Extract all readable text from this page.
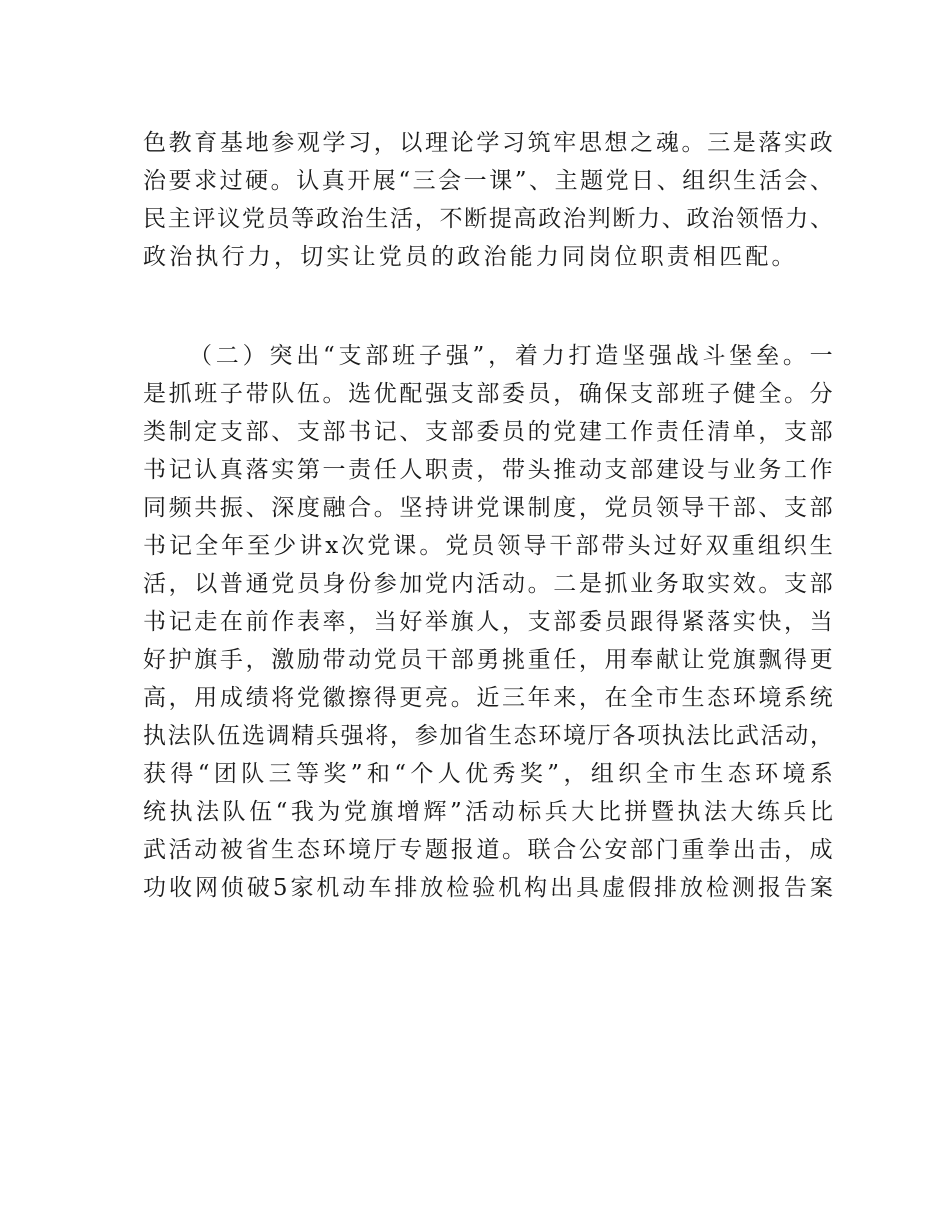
色 教 育 基 地 参 观 学 习 ， 以 理 论 学 习 筑 牢 思 想 之 魂 。 三 是 落 实 政
治 要 求 过 硬 。 认 真 开 展 “ 三 会 一 课 ” 、 主 题 党 日 、 组 织 生 活 会 、
民 主 评 议 党 员 等 政 治 生 活 ， 不 断 提 高 政 治 判 断 力 、 政 治 领 悟 力 、
政 治 执 行 力 ， 切 实 让 党 员 的 政 治 能 力 同 岗 位 职 责 相 匹 配 。
（ 二 ） 突 出 “ 支 部 班 子 强 ” ， 着 力 打 造 坚 强 战 斗 堡 垒 。 一
是 抓 班 子 带 队 伍 。 选 优 配 强 支 部 委 员 ， 确 保 支 部 班 子 健 全 。 分
类 制 定 支 部 、 支 部 书 记 、 支 部 委 员 的 党 建 工 作 责 任 清 单 ， 支 部
书 记 认 真 落 实 第 一 责 任 人 职 责 ， 带 头 推 动 支 部 建 设 与 业 务 工 作
同 频 共 振 、 深 度 融 合 。 坚 持 讲 党 课 制 度 ， 党 员 领 导 干 部 、 支 部
书 记 全 年 至 少 讲 x 次 党 课 。 党 员 领 导 干 部 带 头 过 好 双 重 组 织 生
活 ， 以 普 通 党 员 身 份 参 加 党 内 活 动 。 二 是 抓 业 务 取 实 效 。 支 部
书 记 走 在 前 作 表 率 ， 当 好 举 旗 人 ， 支 部 委 员 跟 得 紧 落 实 快 ， 当
好 护 旗 手 ， 激 励 带 动 党 员 干 部 勇 挑 重 任 ， 用 奉 献 让 党 旗 飘 得 更
高 ， 用 成 绩 将 党 徽 擦 得 更 亮 。 近 三 年 来 ， 在 全 市 生 态 环 境 系 统
执 法 队 伍 选 调 精 兵 强 将 ， 参 加 省 生 态 环 境 厅 各 项 执 法 比 武 活 动 ，
获 得 “ 团 队 三 等 奖 ” 和 “ 个 人 优 秀 奖 ” ， 组 织 全 市 生 态 环 境 系
统 执 法 队 伍 “ 我 为 党 旗 增 辉 ” 活 动 标 兵 大 比 拼 暨 执 法 大 练 兵 比
武 活 动 被 省 生 态 环 境 厅 专 题 报 道 。 联 合 公 安 部 门 重 拳 出 击 ， 成
功 收 网 侦 破 5 家 机 动 车 排 放 检 验 机 构 出 具 虚 假 排 放 检 测 报 告 案
